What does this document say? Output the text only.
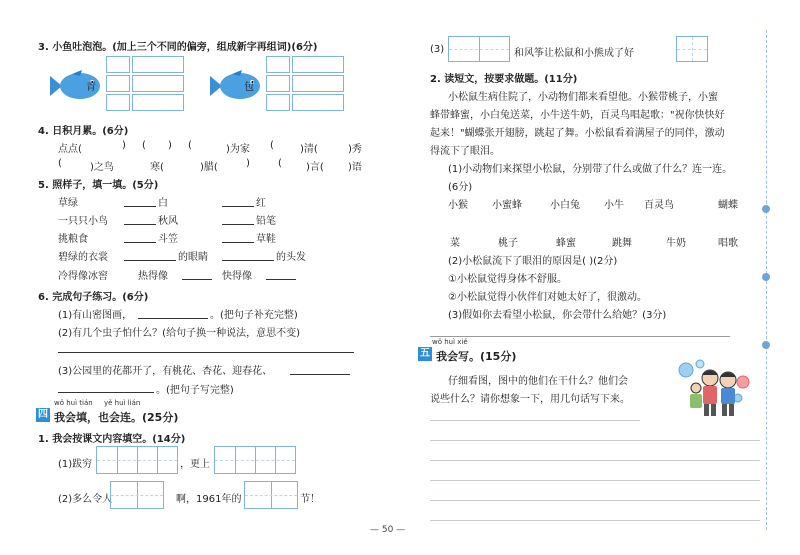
3. 小鱼吐泡泡。(加上三个不同的偏旁，组成新字再组词)(6分)
青	包
4. 日积月累。(6分)
点点(	) ( ) (	)为家 (	)清(	)秀
(	)之鸟	寒(	)腊(	)	( )言( )语
5. 照样子，填一填。(5分)
草绿	白	红
一只只小鸟	秋风	铅笔
挑粮食	斗笠	草鞋
碧绿的衣裳	的眼睛	的头发
冷得像冰窖	热得像	快得像
6. 完成句子练习。(6分)
(1)有山密图画，	。(把句子补充完整)
(2)有几个虫子怕什么？(给句子换一种说法，意思不变)
(3)公园里的花都开了，有桃花、杏花、迎春花、
。(把句子写完整)
wǒ huì tián yě huì lián
四 我会填，也会连。(25分)
1. 我会按课文内容填空。(14分)
(1)跋穷	，更上
(2)多么令人	啊，1961年的	节！
(3)	和风筝让松鼠和小熊成了好
2. 读短文，按要求做题。(11分)
小松鼠生病住院了，小动物们都来看望他。小猴带桃子，小蜜
蜂带蜂蜜，小白兔送菜，小牛送牛奶，百灵鸟唱起歌："祝你快快好
起来！"蝴蝶张开翅膀，跳起了舞。小松鼠看着满屋子的同伴，激动
得流下了眼泪。
(1)小动物们来探望小松鼠，分别带了什么或做了什么？连一连。
(6分)
小猴 小蜜蜂	小白兔 小牛 百灵鸟	蝴蝶
菜	桃子	蜂蜜	跳舞	牛奶	唱歌
(2)小松鼠流下了眼泪的原因是( )(2分)
①小松鼠觉得身体不舒服。
②小松鼠觉得小伙伴们对她太好了，很激动。
(3)假如你去看望小松鼠，你会带什么给她？(3分)
wǒ huì xiě
五 我会写。(15分)
仔细看图，图中的他们在干什么？他们会
说些什么？请你想象一下，用几句话写下来。
— 50 —
